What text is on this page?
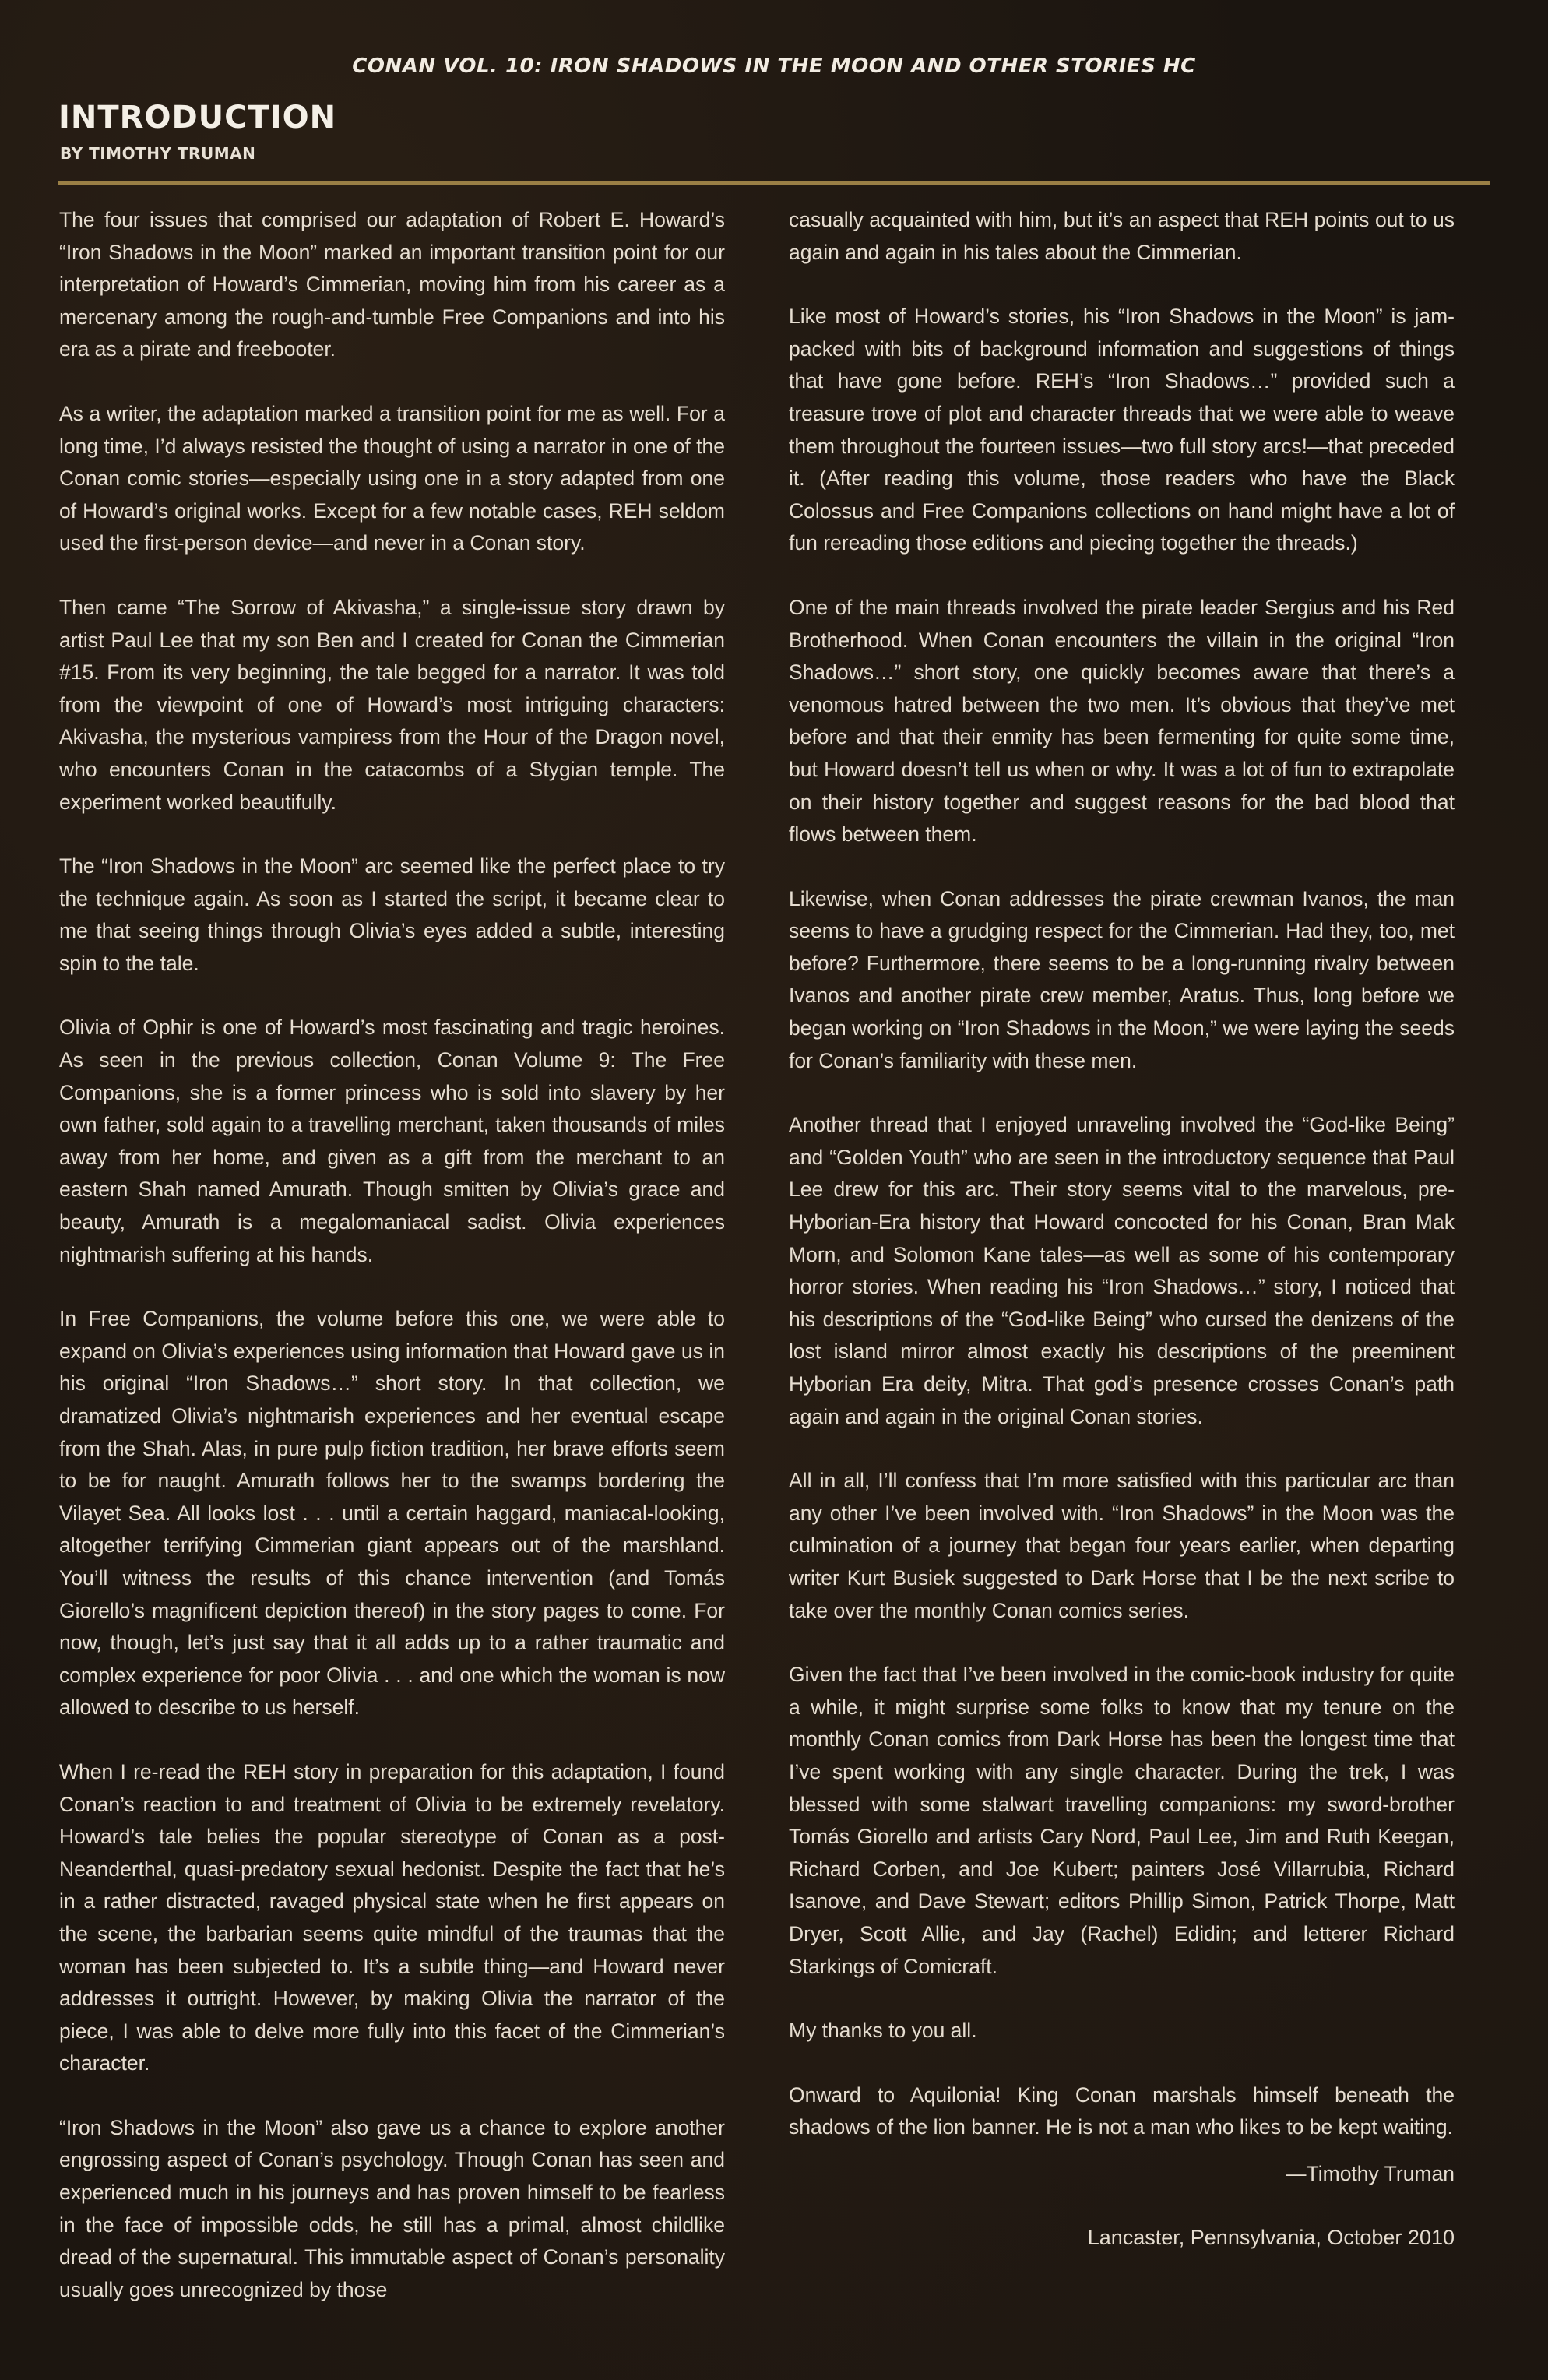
CONAN VOL. 10: IRON SHADOWS IN THE MOON AND OTHER STORIES HC
INTRODUCTION
BY TIMOTHY TRUMAN

The four issues that comprised our adaptation of Robert E. Howard’s “Iron Shadows in the Moon” marked an important transition point for our interpretation of Howard’s Cimmerian, moving him from his career as a mercenary among the rough-and-tumble Free Companions and into his era as a pirate and freebooter.

As a writer, the adaptation marked a transition point for me as well. For a long time, I’d always resisted the thought of using a narrator in one of the Conan comic stories—especially using one in a story adapted from one of Howard’s original works. Except for a few notable cases, REH seldom used the first-person device—and never in a Conan story.

Then came “The Sorrow of Akivasha,” a single-issue story drawn by artist Paul Lee that my son Ben and I created for Conan the Cimmerian #15. From its very beginning, the tale begged for a narrator. It was told from the viewpoint of one of Howard’s most intriguing characters: Akivasha, the mysterious vampiress from the Hour of the Dragon novel, who encounters Conan in the catacombs of a Stygian temple. The experiment worked beautifully.

The “Iron Shadows in the Moon” arc seemed like the perfect place to try the technique again. As soon as I started the script, it became clear to me that seeing things through Olivia’s eyes added a subtle, interesting spin to the tale.

Olivia of Ophir is one of Howard’s most fascinating and tragic heroines. As seen in the previous collection, Conan Volume 9: The Free Companions, she is a former princess who is sold into slavery by her own father, sold again to a travelling merchant, taken thousands of miles away from her home, and given as a gift from the merchant to an eastern Shah named Amurath. Though smitten by Olivia’s grace and beauty, Amurath is a megalomaniacal sadist. Olivia experiences nightmarish suffering at his hands.

In Free Companions, the volume before this one, we were able to expand on Olivia’s experiences using information that Howard gave us in his original “Iron Shadows…” short story. In that collection, we dramatized Olivia’s nightmarish experiences and her eventual escape from the Shah. Alas, in pure pulp fiction tradition, her brave efforts seem to be for naught. Amurath follows her to the swamps bordering the Vilayet Sea. All looks lost . . . until a certain haggard, maniacal-looking, altogether terrifying Cimmerian giant appears out of the marshland. You’ll witness the results of this chance intervention (and Tomás Giorello’s magnificent depiction thereof) in the story pages to come. For now, though, let’s just say that it all adds up to a rather traumatic and complex experience for poor Olivia . . . and one which the woman is now allowed to describe to us herself.

When I re-read the REH story in preparation for this adaptation, I found Conan’s reaction to and treatment of Olivia to be extremely revelatory. Howard’s tale belies the popular stereotype of Conan as a post-Neanderthal, quasi-predatory sexual hedonist. Despite the fact that he’s in a rather distracted, ravaged physical state when he first appears on the scene, the barbarian seems quite mindful of the traumas that the woman has been subjected to. It’s a subtle thing—and Howard never addresses it outright. However, by making Olivia the narrator of the piece, I was able to delve more fully into this facet of the Cimmerian’s character.

“Iron Shadows in the Moon” also gave us a chance to explore another engrossing aspect of Conan’s psychology. Though Conan has seen and experienced much in his journeys and has proven himself to be fearless in the face of impossible odds, he still has a primal, almost childlike dread of the supernatural. This immutable aspect of Conan’s personality usually goes unrecognized by those

casually acquainted with him, but it’s an aspect that REH points out to us again and again in his tales about the Cimmerian.

Like most of Howard’s stories, his “Iron Shadows in the Moon” is jam-packed with bits of background information and suggestions of things that have gone before. REH’s “Iron Shadows…” provided such a treasure trove of plot and character threads that we were able to weave them throughout the fourteen issues—two full story arcs!—that preceded it. (After reading this volume, those readers who have the Black Colossus and Free Companions collections on hand might have a lot of fun rereading those editions and piecing together the threads.)

One of the main threads involved the pirate leader Sergius and his Red Brotherhood. When Conan encounters the villain in the original “Iron Shadows…” short story, one quickly becomes aware that there’s a venomous hatred between the two men. It’s obvious that they’ve met before and that their enmity has been fermenting for quite some time, but Howard doesn’t tell us when or why. It was a lot of fun to extrapolate on their history together and suggest reasons for the bad blood that flows between them.

Likewise, when Conan addresses the pirate crewman Ivanos, the man seems to have a grudging respect for the Cimmerian. Had they, too, met before? Furthermore, there seems to be a long-running rivalry between Ivanos and another pirate crew member, Aratus. Thus, long before we began working on “Iron Shadows in the Moon,” we were laying the seeds for Conan’s familiarity with these men.

Another thread that I enjoyed unraveling involved the “God-like Being” and “Golden Youth” who are seen in the introductory sequence that Paul Lee drew for this arc. Their story seems vital to the marvelous, pre-Hyborian-Era history that Howard concocted for his Conan, Bran Mak Morn, and Solomon Kane tales—as well as some of his contemporary horror stories. When reading his “Iron Shadows…” story, I noticed that his descriptions of the “God-like Being” who cursed the denizens of the lost island mirror almost exactly his descriptions of the preeminent Hyborian Era deity, Mitra. That god’s presence crosses Conan’s path again and again in the original Conan stories.

All in all, I’ll confess that I’m more satisfied with this particular arc than any other I’ve been involved with. “Iron Shadows” in the Moon was the culmination of a journey that began four years earlier, when departing writer Kurt Busiek suggested to Dark Horse that I be the next scribe to take over the monthly Conan comics series.

Given the fact that I’ve been involved in the comic-book industry for quite a while, it might surprise some folks to know that my tenure on the monthly Conan comics from Dark Horse has been the longest time that I’ve spent working with any single character. During the trek, I was blessed with some stalwart travelling companions: my sword-brother Tomás Giorello and artists Cary Nord, Paul Lee, Jim and Ruth Keegan, Richard Corben, and Joe Kubert; painters José Villarrubia, Richard Isanove, and Dave Stewart; editors Phillip Simon, Patrick Thorpe, Matt Dryer, Scott Allie, and Jay (Rachel) Edidin; and letterer Richard Starkings of Comicraft.

My thanks to you all.

Onward to Aquilonia! King Conan marshals himself beneath the shadows of the lion banner. He is not a man who likes to be kept waiting.

—Timothy Truman

Lancaster, Pennsylvania, October 2010
